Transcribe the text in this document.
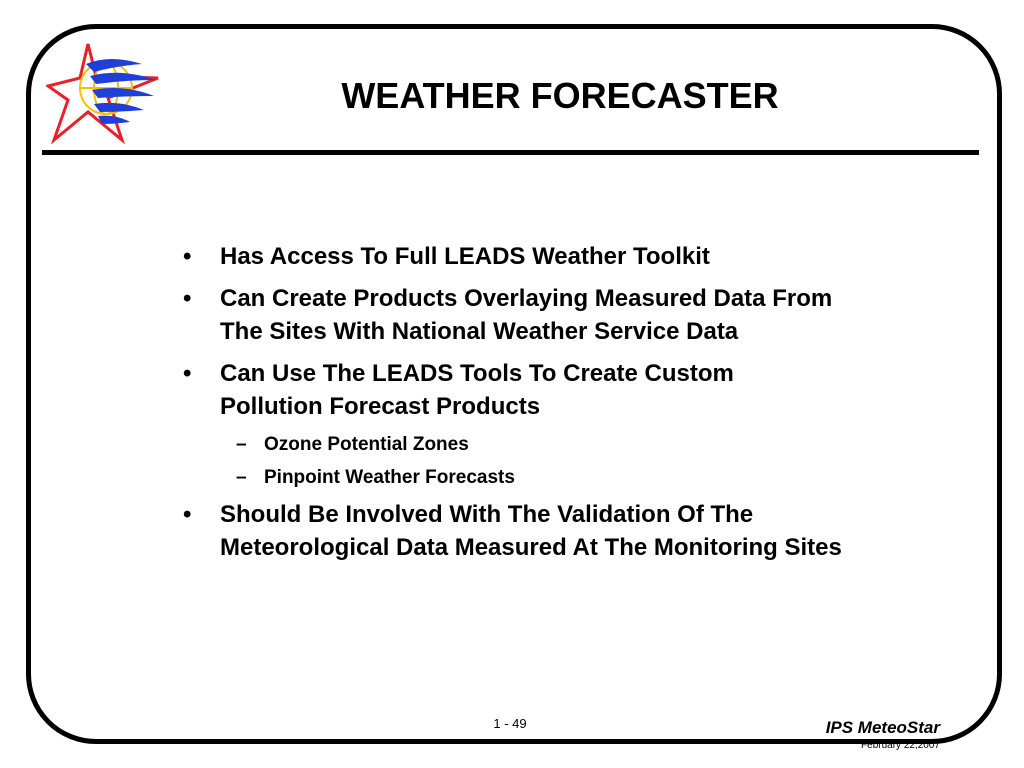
WEATHER FORECASTER
•	Has Access To Full LEADS Weather Toolkit
•	Can Create Products Overlaying Measured Data From The Sites With National Weather Service Data
•	Can Use The LEADS Tools To Create Custom Pollution Forecast Products
– Ozone Potential Zones
– Pinpoint Weather Forecasts
•	Should Be Involved With The Validation Of The Meteorological Data Measured At The Monitoring Sites
1 - 49	IPS MeteoStar
February 22,2007
